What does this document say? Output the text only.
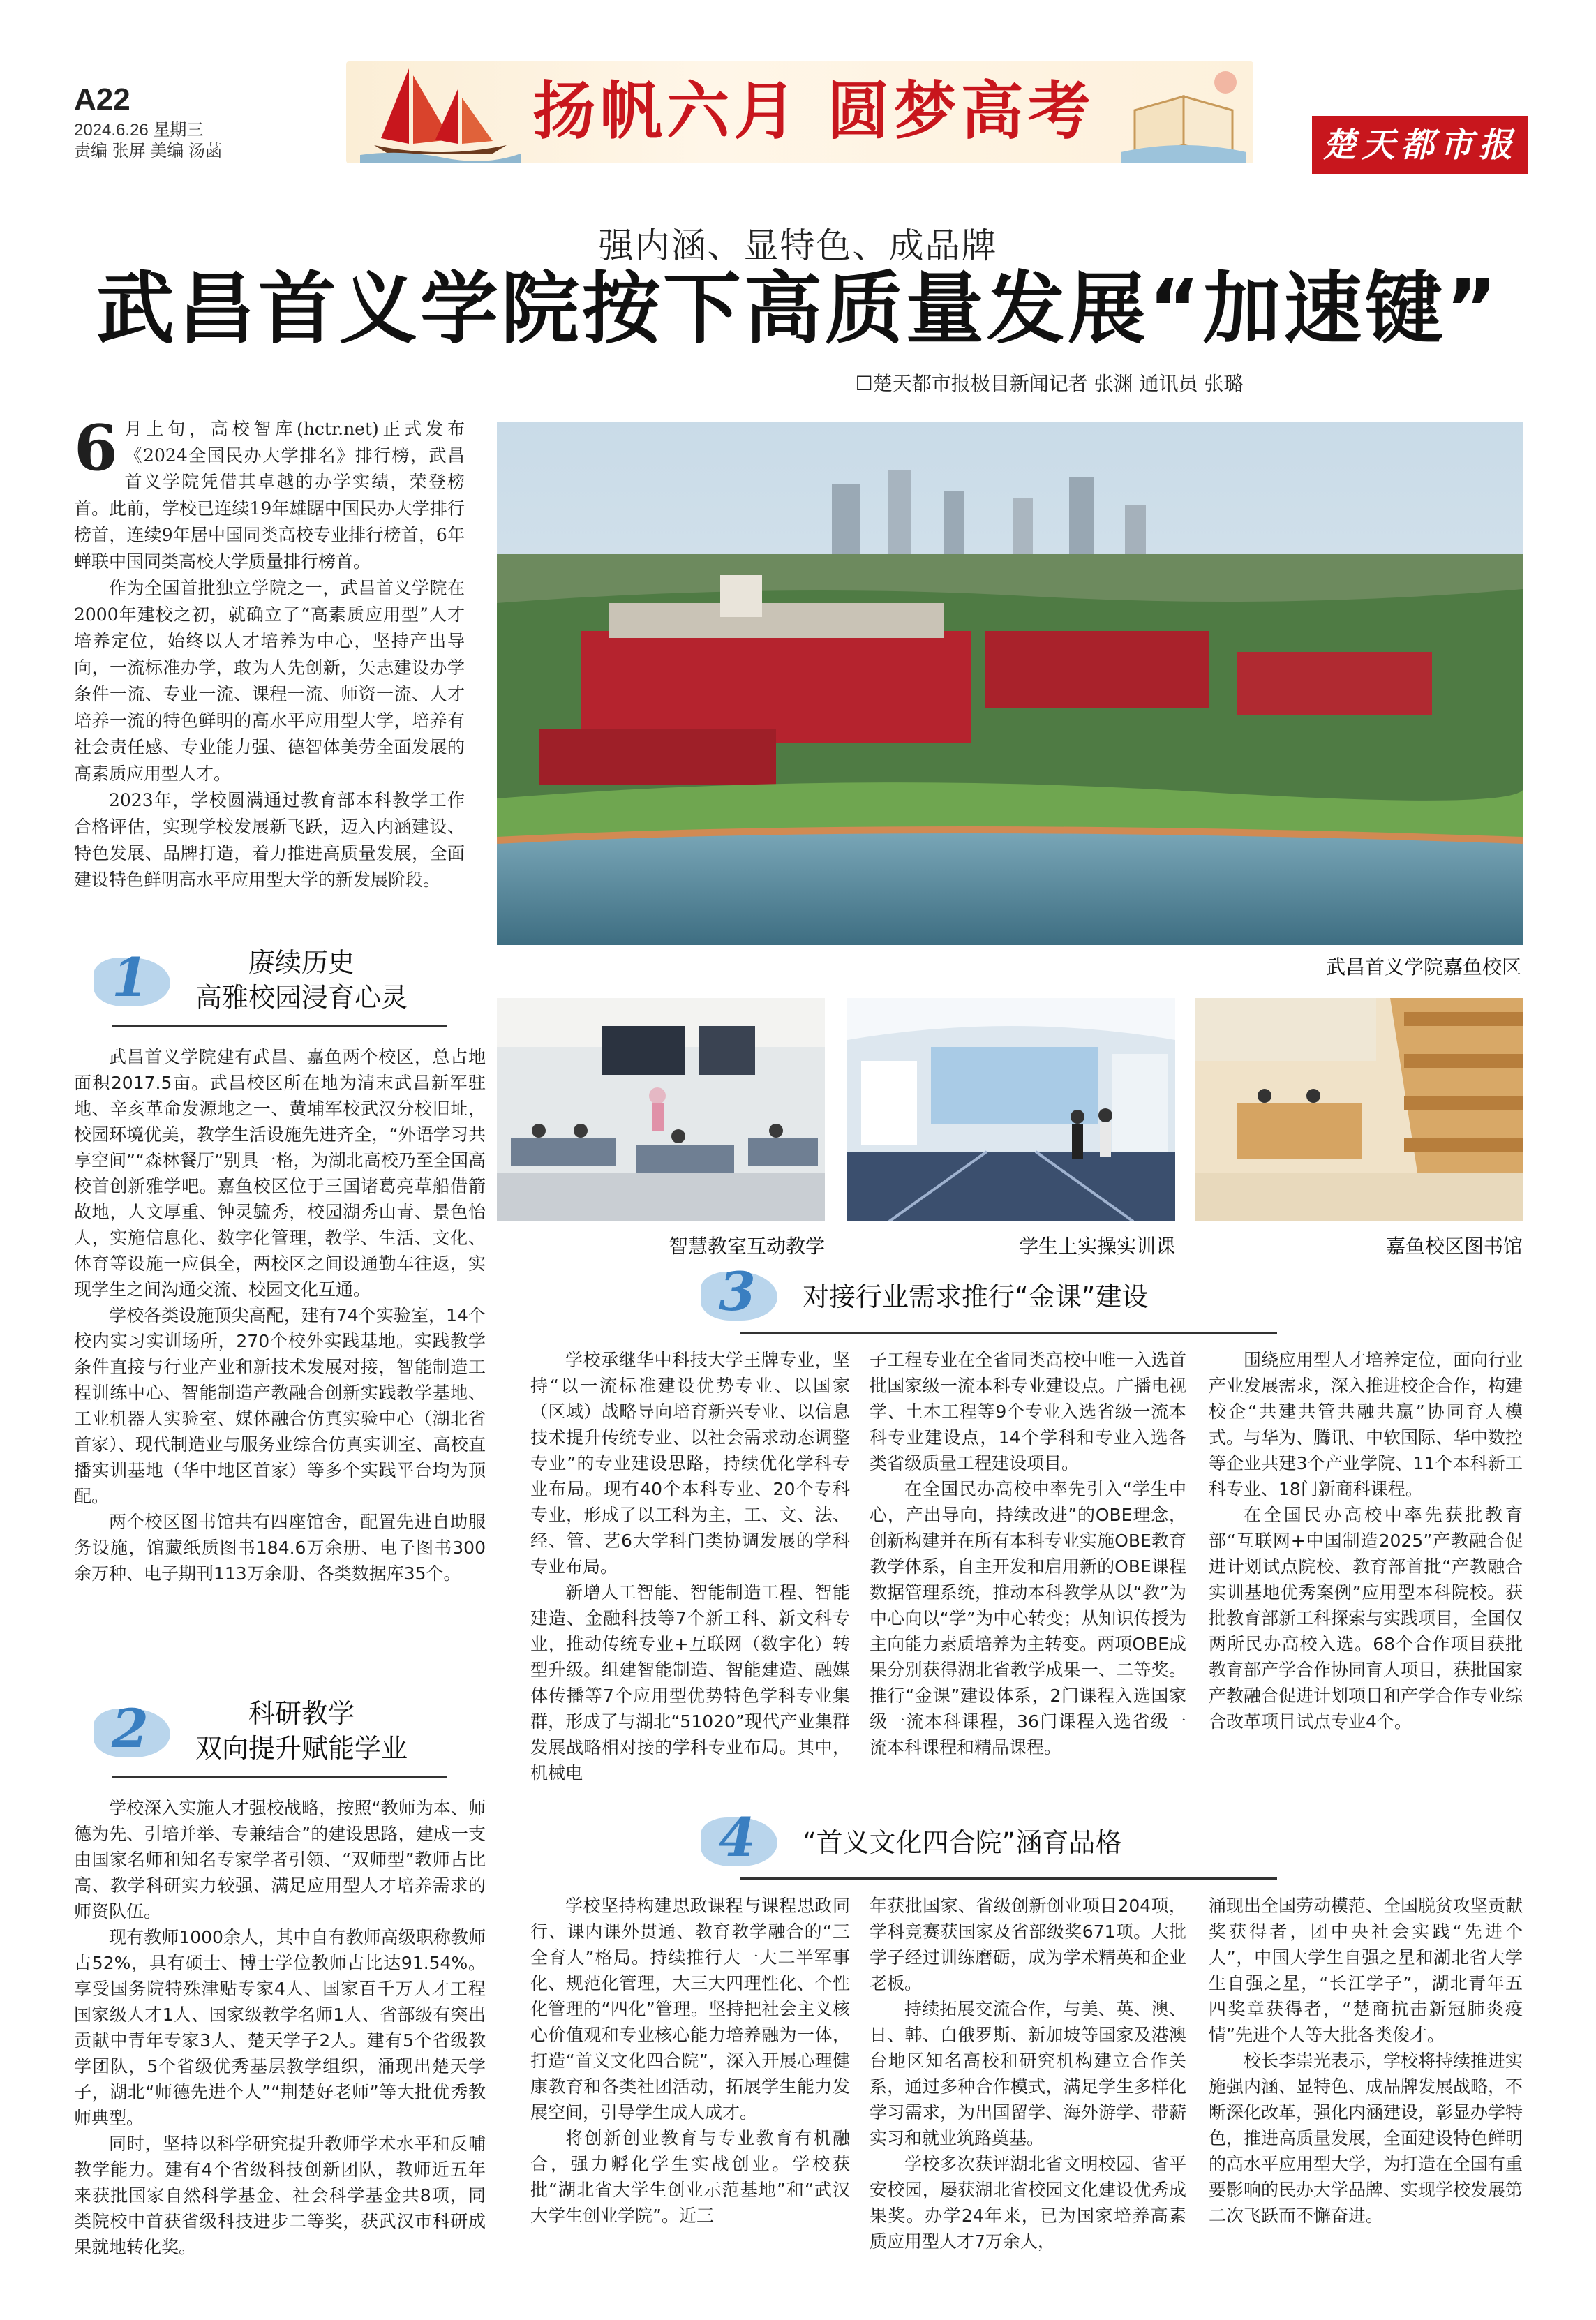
A22
2024.6.26 星期三
责编 张屏 美编 汤菡
扬帆六月 圆梦高考	楚天都市报
强内涵、显特色、成品牌
武昌首义学院按下高质量发展“加速键”
☐楚天都市报极目新闻记者 张渊 通讯员 张璐

6 月上旬，高校智库(hctr.net)正式发布《2024全国民办大学排名》排行榜，武昌首义学院凭借其卓越的办学实绩，荣登榜首。此前，学校已连续19年雄踞中国民办大学排行榜首，连续9年居中国同类高校专业排行榜首，6年蝉联中国同类高校大学质量排行榜首。

作为全国首批独立学院之一，武昌首义学院在2000年建校之初，就确立了“高素质应用型”人才培养定位，始终以人才培养为中心，坚持产出导向，一流标准办学，敢为人先创新，矢志建设办学条件一流、专业一流、课程一流、师资一流、人才培养一流的特色鲜明的高水平应用型大学，培养有社会责任感、专业能力强、德智体美劳全面发展的高素质应用型人才。

2023年，学校圆满通过教育部本科教学工作合格评估，实现学校发展新飞跃，迈入内涵建设、特色发展、品牌打造，着力推进高质量发展，全面建设特色鲜明高水平应用型大学的新发展阶段。

武昌首义学院嘉鱼校区
1	赓续历史
高雅校园浸育心灵

武昌首义学院建有武昌、嘉鱼两个校区，总占地面积2017.5亩。武昌校区所在地为清末武昌新军驻地、辛亥革命发源地之一、黄埔军校武汉分校旧址，校园环境优美，教学生活设施先进齐全，“外语学习共享空间”“森林餐厅”别具一格，为湖北高校乃至全国高校首创新雅学吧。嘉鱼校区位于三国诸葛亮草船借箭故地，人文厚重、钟灵毓秀，校园湖秀山青、景色怡人，实施信息化、数字化管理，教学、生活、文化、体育等设施一应俱全，两校区之间设通勤车往返，实现学生之间沟通交流、校园文化互通。

学校各类设施顶尖高配，建有74个实验室，14个校内实习实训场所，270个校外实践基地。实践教学条件直接与行业产业和新技术发展对接，智能制造工程训练中心、智能制造产教融合创新实践教学基地、工业机器人实验室、媒体融合仿真实验中心（湖北省首家）、现代制造业与服务业综合仿真实训室、高校直播实训基地（华中地区首家）等多个实践平台均为顶配。

两个校区图书馆共有四座馆舍，配置先进自助服务设施，馆藏纸质图书184.6万余册、电子图书300余万种、电子期刊113万余册、各类数据库35个。

智慧教室互动教学	学生上实操实训课	嘉鱼校区图书馆
3 对接行业需求推行“金课”建设

学校承继华中科技大学王牌专业，坚持“以一流标准建设优势专业、以国家（区域）战略导向培育新兴专业、以信息技术提升传统专业、以社会需求动态调整专业”的专业建设思路，持续优化学科专业布局。现有40个本科专业、20个专科专业，形成了以工科为主，工、文、法、经、管、艺6大学科门类协调发展的学科专业布局。

新增人工智能、智能制造工程、智能建造、金融科技等7个新工科、新文科专业，推动传统专业+互联网（数字化）转型升级。组建智能制造、智能建造、融媒体传播等7个应用型优势特色学科专业集群，形成了与湖北“51020”现代产业集群发展战略相对接的学科专业布局。其中，机械电

子工程专业在全省同类高校中唯一入选首批国家级一流本科专业建设点。广播电视学、土木工程等9个专业入选省级一流本科专业建设点，14个学科和专业入选各类省级质量工程建设项目。

在全国民办高校中率先引入“学生中心，产出导向，持续改进”的OBE理念，创新构建并在所有本科专业实施OBE教育教学体系，自主开发和启用新的OBE课程数据管理系统，推动本科教学从以“教”为中心向以“学”为中心转变；从知识传授为主向能力素质培养为主转变。两项OBE成果分别获得湖北省教学成果一、二等奖。推行“金课”建设体系，2门课程入选国家级一流本科课程，36门课程入选省级一流本科课程和精品课程。

围绕应用型人才培养定位，面向行业产业发展需求，深入推进校企合作，构建校企“共建共管共融共赢”协同育人模式。与华为、腾讯、中软国际、华中数控等企业共建3个产业学院、11个本科新工科专业、18门新商科课程。

在全国民办高校中率先获批教育部“互联网+中国制造2025”产教融合促进计划试点院校、教育部首批“产教融合实训基地优秀案例”应用型本科院校。获批教育部新工科探索与实践项目，全国仅两所民办高校入选。68个合作项目获批教育部产学合作协同育人项目，获批国家产教融合促进计划项目和产学合作专业综合改革项目试点专业4个。

2	科研教学
双向提升赋能学业

学校深入实施人才强校战略，按照“教师为本、师德为先、引培并举、专兼结合”的建设思路，建成一支由国家名师和知名专家学者引领、“双师型”教师占比高、教学科研实力较强、满足应用型人才培养需求的师资队伍。

现有教师1000余人，其中自有教师高级职称教师占52%，具有硕士、博士学位教师占比达91.54%。享受国务院特殊津贴专家4人、国家百千万人才工程国家级人才1人、国家级教学名师1人、省部级有突出贡献中青年专家3人、楚天学子2人。建有5个省级教学团队，5个省级优秀基层教学组织，涌现出楚天学子，湖北“师德先进个人”“荆楚好老师”等大批优秀教师典型。

同时，坚持以科学研究提升教师学术水平和反哺教学能力。建有4个省级科技创新团队，教师近五年来获批国家自然科学基金、社会科学基金共8项，同类院校中首获省级科技进步二等奖，获武汉市科研成果就地转化奖。

4 “首义文化四合院”涵育品格

学校坚持构建思政课程与课程思政同行、课内课外贯通、教育教学融合的“三全育人”格局。持续推行大一大二半军事化、规范化管理，大三大四理性化、个性化管理的“四化”管理。坚持把社会主义核心价值观和专业核心能力培养融为一体，打造“首义文化四合院”，深入开展心理健康教育和各类社团活动，拓展学生能力发展空间，引导学生成人成才。

将创新创业教育与专业教育有机融合，强力孵化学生实战创业。学校获批“湖北省大学生创业示范基地”和“武汉大学生创业学院”。近三

年获批国家、省级创新创业项目204项，学科竞赛获国家及省部级奖671项。大批学子经过训练磨砺，成为学术精英和企业老板。

持续拓展交流合作，与美、英、澳、日、韩、白俄罗斯、新加坡等国家及港澳台地区知名高校和研究机构建立合作关系，通过多种合作模式，满足学生多样化学习需求，为出国留学、海外游学、带薪实习和就业筑路奠基。

学校多次获评湖北省文明校园、省平安校园，屡获湖北省校园文化建设优秀成果奖。办学24年来，已为国家培养高素质应用型人才7万余人，

涌现出全国劳动模范、全国脱贫攻坚贡献奖获得者，团中央社会实践“先进个人”，中国大学生自强之星和湖北省大学生自强之星，“长江学子”，湖北青年五四奖章获得者，“楚商抗击新冠肺炎疫情”先进个人等大批各类俊才。

校长李崇光表示，学校将持续推进实施强内涵、显特色、成品牌发展战略，不断深化改革，强化内涵建设，彰显办学特色，推进高质量发展，全面建设特色鲜明的高水平应用型大学，为打造在全国有重要影响的民办大学品牌、实现学校发展第二次飞跃而不懈奋进。
